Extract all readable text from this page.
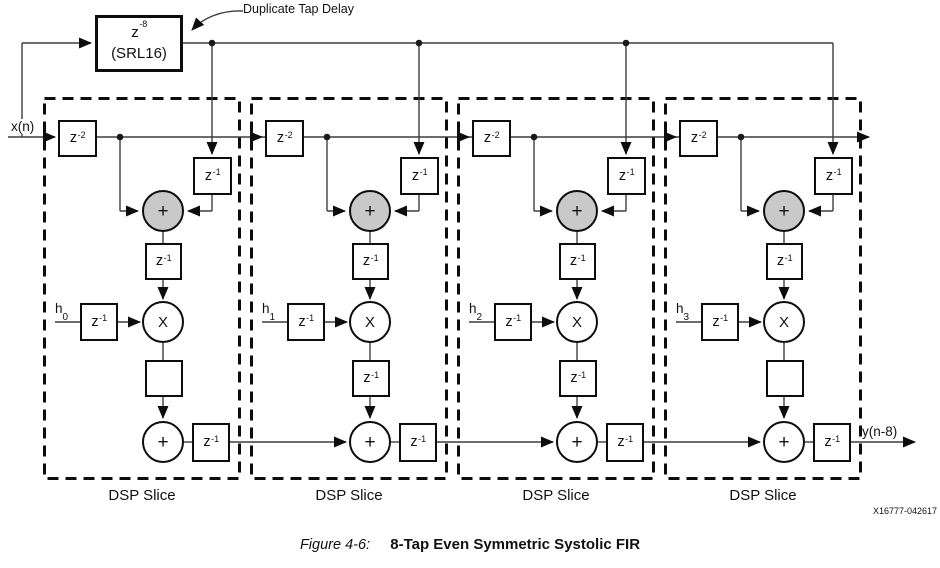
$z^{-8}$
(SRL16)
Duplicate Tap Delay
x(n)
y(n-8)
$z^{-2}$
$z^{-1}$
+
$z^{-1}$
$h_0$ $z^{-1}$	X
+ $z^{-1}$
DSP Slice
$z^{-2}$
$z^{-1}$
+
$z^{-1}$
$h_1$ $z^{-1}$	X
$z^{-1}$
+ $z^{-1}$
DSP Slice
$z^{-2}$
$z^{-1}$
+
$z^{-1}$
$h_2$ $z^{-1}$	X
$z^{-1}$
+ $z^{-1}$
DSP Slice
$z^{-2}$
$z^{-1}$
+
$z^{-1}$
$h_3$ $z^{-1}$	X
+ $z^{-1}$
DSP Slice
X16777-042617
Figure 4-6: 8-Tap Even Symmetric Systolic FIR
